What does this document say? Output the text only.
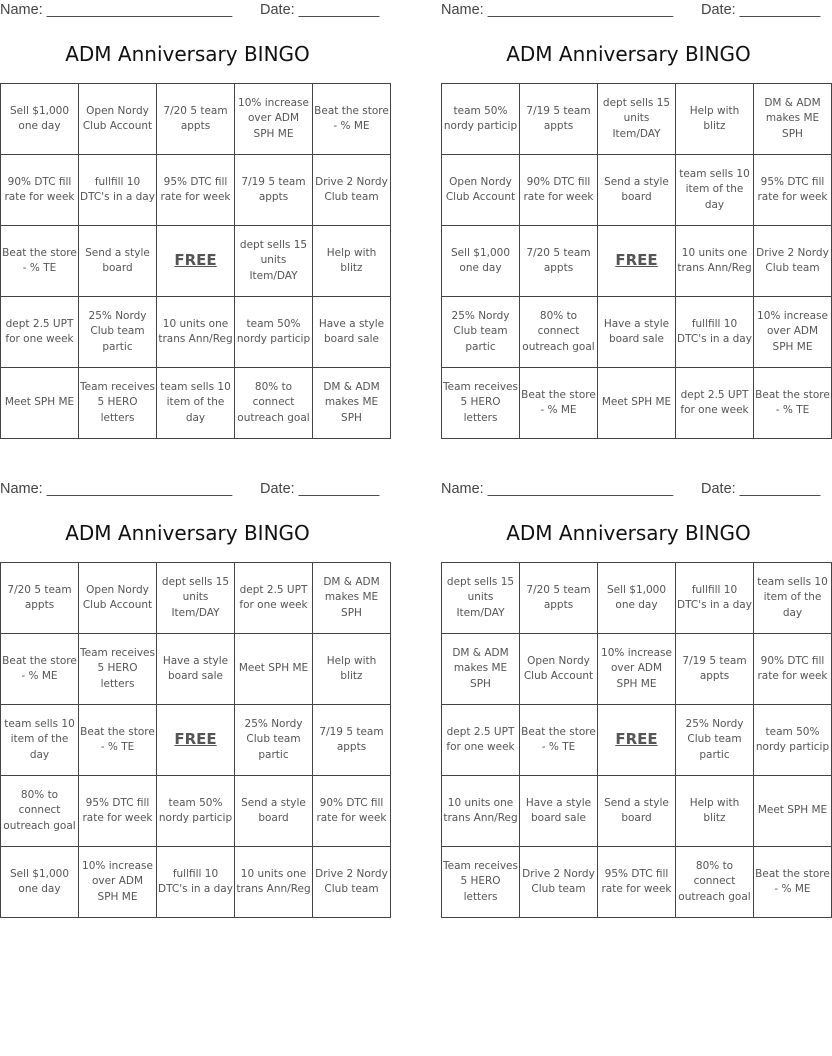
Name: _______________________ Date: __________
ADM Anniversary BINGO
Sell $1,000 one day	Open Nordy Club Account	7/20 5 team appts	10% increase over ADM SPH ME	Beat the store - % ME
90% DTC fill rate for week	fullfill 10 DTC's in a day	95% DTC fill rate for week	7/19 5 team appts	Drive 2 Nordy Club team
Beat the store - % TE	Send a style board	FREE	dept sells 15 units Item/DAY	Help with blitz
dept 2.5 UPT for one week	25% Nordy Club team partic	10 units one trans Ann/Reg	team 50% nordy particip	Have a style board sale
Meet SPH ME	Team receives 5 HERO letters	team sells 10 item of the day	80% to connect outreach goal	DM & ADM makes ME SPH
Name: _______________________ Date: __________
ADM Anniversary BINGO
team 50% nordy particip	7/19 5 team appts	dept sells 15 units Item/DAY	Help with blitz	DM & ADM makes ME SPH
Open Nordy Club Account	90% DTC fill rate for week	Send a style board	team sells 10 item of the day	95% DTC fill rate for week
Sell $1,000 one day	7/20 5 team appts	FREE	10 units one trans Ann/Reg	Drive 2 Nordy Club team
25% Nordy Club team partic	80% to connect outreach goal	Have a style board sale	fullfill 10 DTC's in a day	10% increase over ADM SPH ME
Team receives 5 HERO letters	Beat the store - % ME	Meet SPH ME	dept 2.5 UPT for one week	Beat the store - % TE
Name: _______________________ Date: __________
ADM Anniversary BINGO
7/20 5 team appts	Open Nordy Club Account	dept sells 15 units Item/DAY	dept 2.5 UPT for one week	DM & ADM makes ME SPH
Beat the store - % ME	Team receives 5 HERO letters	Have a style board sale	Meet SPH ME	Help with blitz
team sells 10 item of the day	Beat the store - % TE	FREE	25% Nordy Club team partic	7/19 5 team appts
80% to connect outreach goal	95% DTC fill rate for week	team 50% nordy particip	Send a style board	90% DTC fill rate for week
Sell $1,000 one day	10% increase over ADM SPH ME	fullfill 10 DTC's in a day	10 units one trans Ann/Reg	Drive 2 Nordy Club team
Name: _______________________ Date: __________
ADM Anniversary BINGO
dept sells 15 units Item/DAY	7/20 5 team appts	Sell $1,000 one day	fullfill 10 DTC's in a day	team sells 10 item of the day
DM & ADM makes ME SPH	Open Nordy Club Account	10% increase over ADM SPH ME	7/19 5 team appts	90% DTC fill rate for week
dept 2.5 UPT for one week	Beat the store - % TE	FREE	25% Nordy Club team partic	team 50% nordy particip
10 units one trans Ann/Reg	Have a style board sale	Send a style board	Help with blitz	Meet SPH ME
Team receives 5 HERO letters	Drive 2 Nordy Club team	95% DTC fill rate for week	80% to connect outreach goal	Beat the store - % ME
